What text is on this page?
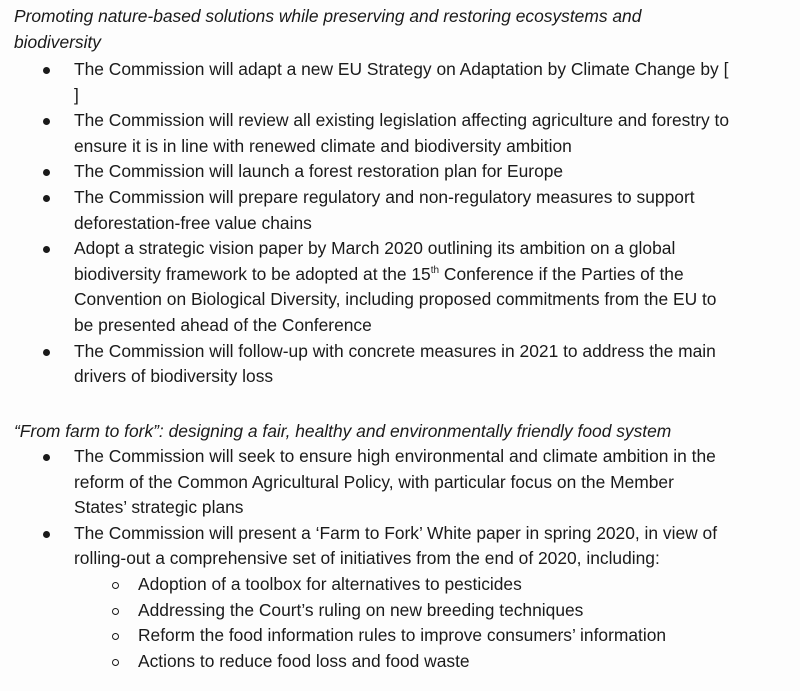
Promoting nature-based solutions while preserving and restoring ecosystems and
biodiversity

The Commission will adapt a new EU Strategy on Adaptation by Climate Change by [
]
The Commission will review all existing legislation affecting agriculture and forestry to
ensure it is in line with renewed climate and biodiversity ambition
The Commission will launch a forest restoration plan for Europe
The Commission will prepare regulatory and non-regulatory measures to support
deforestation-free value chains
Adopt a strategic vision paper by March 2020 outlining its ambition on a global
biodiversity framework to be adopted at the 15th Conference if the Parties of the
Convention on Biological Diversity, including proposed commitments from the EU to
be presented ahead of the Conference
The Commission will follow-up with concrete measures in 2021 to address the main
drivers of biodiversity loss

“From farm to fork”: designing a fair, healthy and environmentally friendly food system

The Commission will seek to ensure high environmental and climate ambition in the
reform of the Common Agricultural Policy, with particular focus on the Member
States’ strategic plans
The Commission will present a ‘Farm to Fork’ White paper in spring 2020, in view of
rolling-out a comprehensive set of initiatives from the end of 2020, including:
Adoption of a toolbox for alternatives to pesticides
Addressing the Court’s ruling on new breeding techniques
Reform the food information rules to improve consumers’ information
Actions to reduce food loss and food waste
